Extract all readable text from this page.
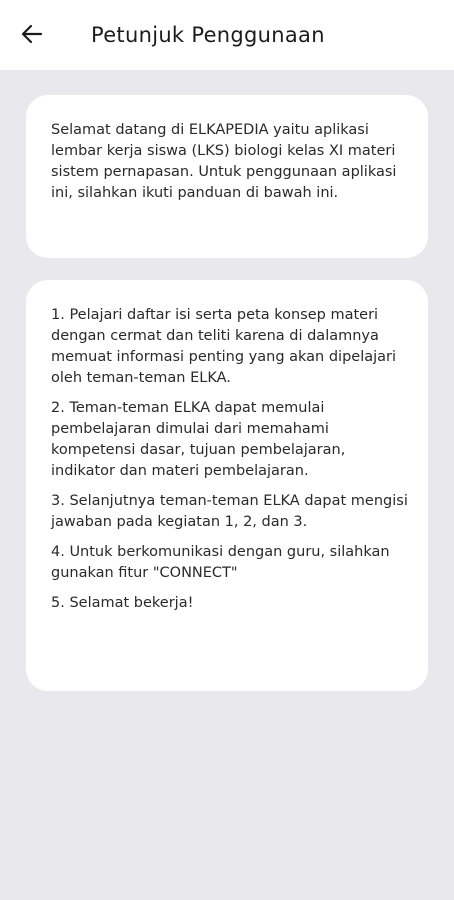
Petunjuk Penggunaan

Selamat datang di ELKAPEDIA yaitu aplikasi lembar kerja siswa (LKS) biologi kelas XI materi sistem pernapasan. Untuk penggunaan aplikasi ini, silahkan ikuti panduan di bawah ini.

1. Pelajari daftar isi serta peta konsep materi dengan cermat dan teliti karena di dalamnya memuat informasi penting yang akan dipelajari oleh teman-teman ELKA.

2. Teman-teman ELKA dapat memulai pembelajaran dimulai dari memahami kompetensi dasar, tujuan pembelajaran, indikator dan materi pembelajaran.

3. Selanjutnya teman-teman ELKA dapat mengisi jawaban pada kegiatan 1, 2, dan 3.

4. Untuk berkomunikasi dengan guru, silahkan gunakan fitur "CONNECT"

5. Selamat bekerja!
